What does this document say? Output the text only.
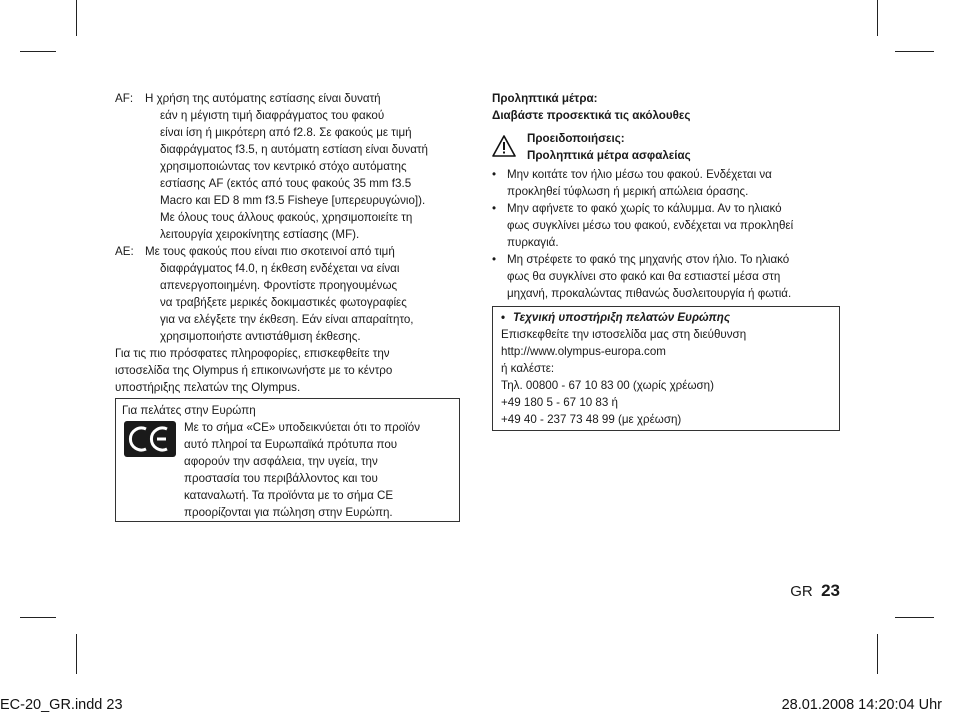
AF:	Η χρήση της αυτόματης εστίασης είναι δυνατή
εάν η μέγιστη τιμή διαφράγματος του φακού
είναι ίση ή μικρότερη από f2.8. Σε φακούς με τιμή
διαφράγματος f3.5, η αυτόματη εστίαση είναι δυνατή
χρησιμοποιώντας τον κεντρικό στόχο αυτόματης
εστίασης AF (εκτός από τους φακούς 35 mm f3.5
Macro και ED 8 mm f3.5 Fisheye [υπερευρυγώνιο]).
Με όλους τους άλλους φακούς, χρησιμοποιείτε τη
λειτουργία χειροκίνητης εστίασης (MF).
AE: Με τους φακούς που είναι πιο σκοτεινοί από τιμή
διαφράγματος f4.0, η έκθεση ενδέχεται να είναι
απενεργοποιημένη. Φροντίστε προηγουμένως
να τραβήξετε μερικές δοκιμαστικές φωτογραφίες
για να ελέγξετε την έκθεση. Εάν είναι απαραίτητο,
χρησιμοποιήστε αντιστάθμιση έκθεσης.
Για τις πιο πρόσφατες πληροφορίες, επισκεφθείτε την
ιστοσελίδα της Olympus ή επικοινωνήστε με το κέντρο
υποστήριξης πελατών της Olympus.
Για πελάτες στην Ευρώπη
Με το σήμα «CE» υποδεικνύεται ότι το προϊόν
αυτό πληροί τα Ευρωπαϊκά πρότυπα που
αφορούν την ασφάλεια, την υγεία, την
προστασία του περιβάλλοντος και του
καταναλωτή. Τα προϊόντα με το σήμα CE
προορίζονται για πώληση στην Ευρώπη.
Προληπτικά μέτρα:
Διαβάστε προσεκτικά τις ακόλουθες
Προειδοποιήσεις:
Προληπτικά μέτρα ασφαλείας
• Μην κοιτάτε τον ήλιο μέσω του φακού. Ενδέχεται να
προκληθεί τύφλωση ή μερική απώλεια όρασης.
• Μην αφήνετε το φακό χωρίς το κάλυμμα. Αν το ηλιακό
φως συγκλίνει μέσω του φακού, ενδέχεται να προκληθεί
πυρκαγιά.
• Μη στρέφετε το φακό της μηχανής στον ήλιο. Το ηλιακό
φως θα συγκλίνει στο φακό και θα εστιαστεί μέσα στη
μηχανή, προκαλώντας πιθανώς δυσλειτουργία ή φωτιά.
• Τεχνική υποστήριξη πελατών Ευρώπης
Επισκεφθείτε την ιστοσελίδα μας στη διεύθυνση
http://www.olympus-europa.com
ή καλέστε:
Τηλ. 00800 - 67 10 83 00 (χωρίς χρέωση)
+49 180 5 - 67 10 83 ή
+49 40 - 237 73 48 99 (με χρέωση)
GR 23
EC-20_GR.indd 23	28.01.2008 14:20:04 Uhr
